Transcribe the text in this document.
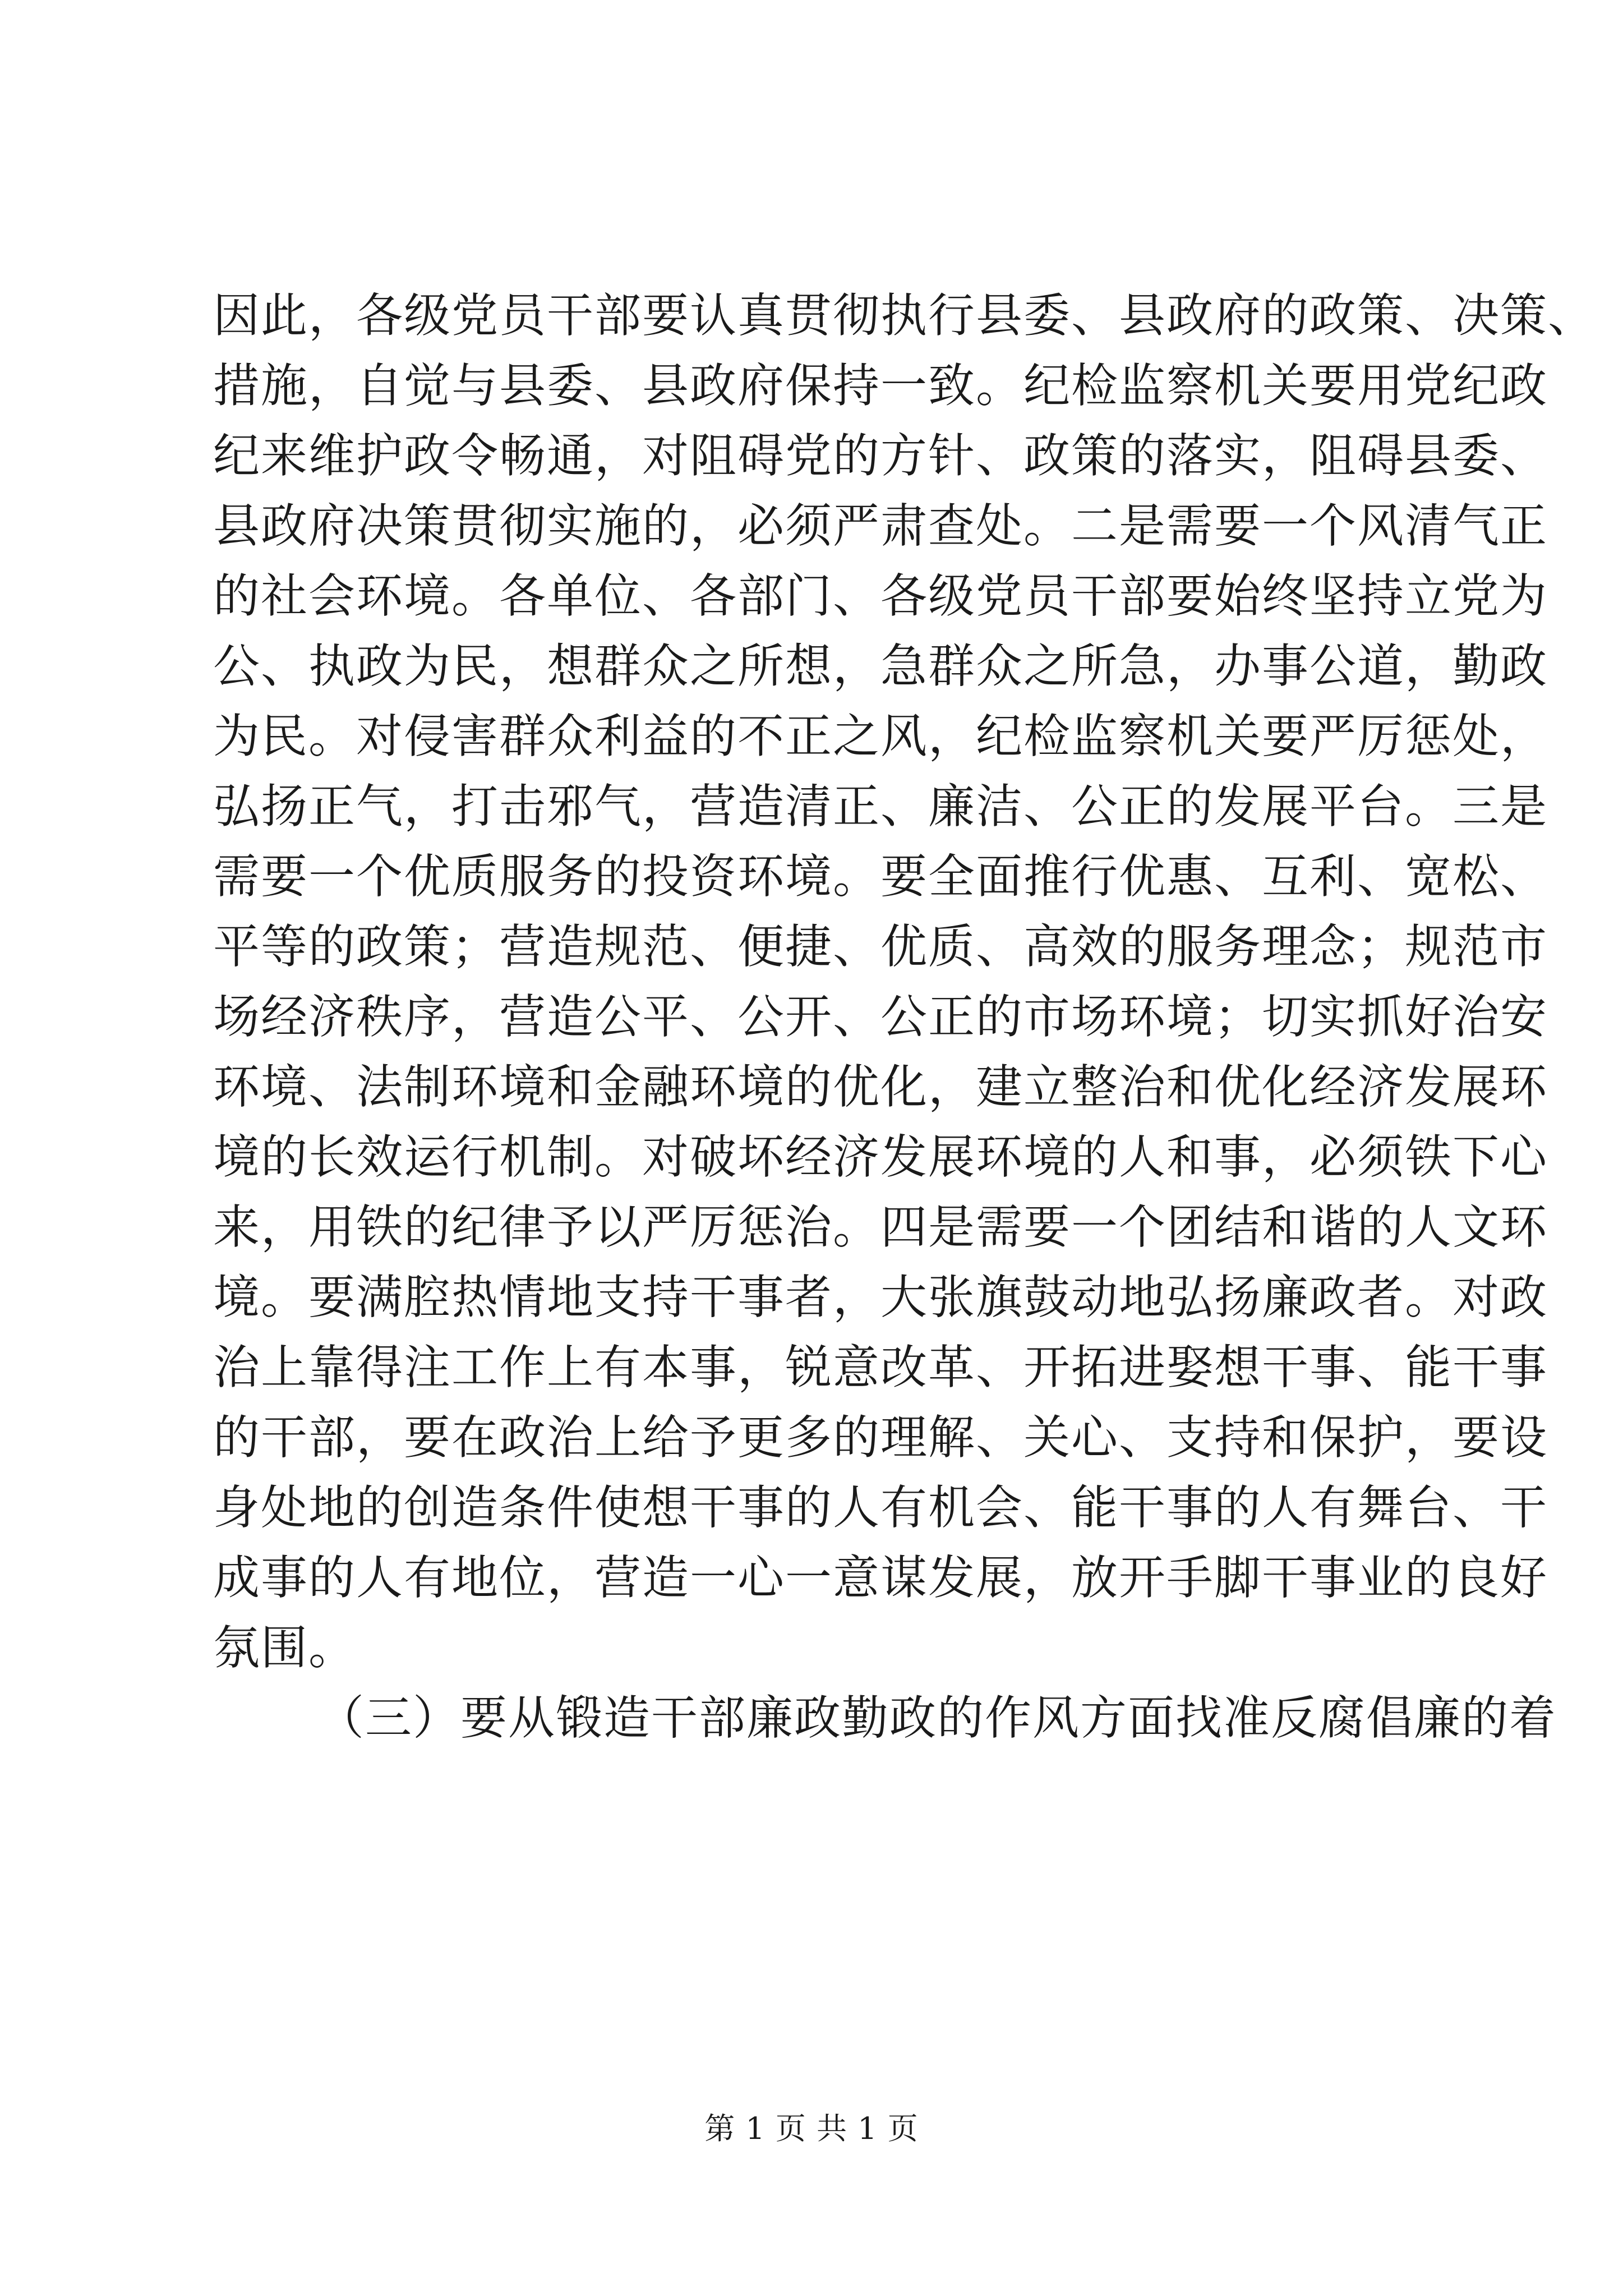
因此，各级党员干部要认真贯彻执行县委、县政府的政策、决策、
措施，自觉与县委、县政府保持一致。纪检监察机关要用党纪政
纪来维护政令畅通，对阻碍党的方针、政策的落实，阻碍县委、
县政府决策贯彻实施的，必须严肃查处。二是需要一个风清气正
的社会环境。各单位、各部门、各级党员干部要始终坚持立党为
公、执政为民，想群众之所想，急群众之所急，办事公道，勤政
为民。对侵害群众利益的不正之风，纪检监察机关要严厉惩处，
弘扬正气，打击邪气，营造清正、廉洁、公正的发展平台。三是
需要一个优质服务的投资环境。要全面推行优惠、互利、宽松、
平等的政策；营造规范、便捷、优质、高效的服务理念；规范市
场经济秩序，营造公平、公开、公正的市场环境；切实抓好治安
环境、法制环境和金融环境的优化，建立整治和优化经济发展环
境的长效运行机制。对破坏经济发展环境的人和事，必须铁下心
来，用铁的纪律予以严厉惩治。四是需要一个团结和谐的人文环
境。要满腔热情地支持干事者，大张旗鼓动地弘扬廉政者。对政
治上靠得注工作上有本事，锐意改革、开拓进娶想干事、能干事
的干部，要在政治上给予更多的理解、关心、支持和保护，要设
身处地的创造条件使想干事的人有机会、能干事的人有舞台、干
成事的人有地位，营造一心一意谋发展，放开手脚干事业的良好
氛围。
（三）要从锻造干部廉政勤政的作风方面找准反腐倡廉的着
第 1 页 共 1 页
